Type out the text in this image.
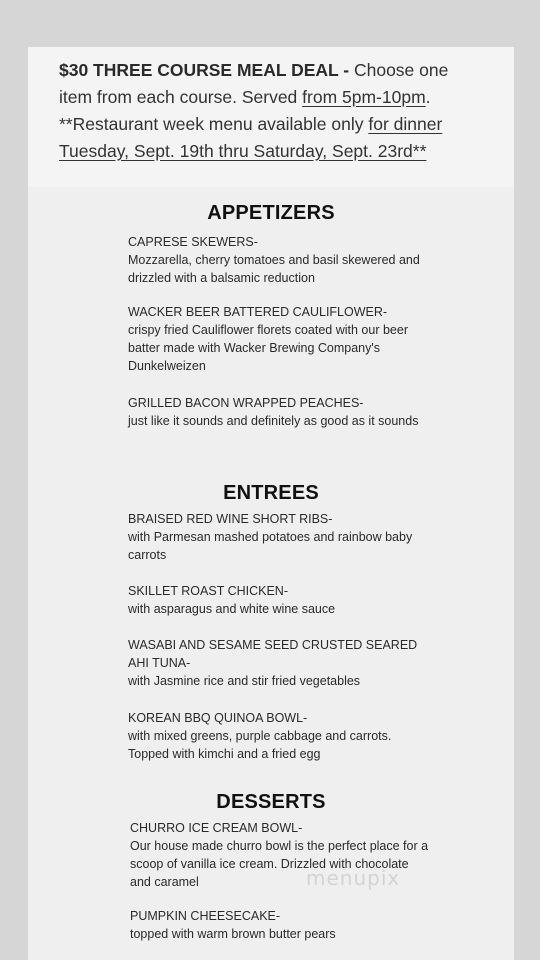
$30 THREE COURSE MEAL DEAL - Choose one
item from each course. Served from 5pm-10pm.
**Restaurant week menu available only for dinner
Tuesday, Sept. 19th thru Saturday, Sept. 23rd**
APPETIZERS
CAPRESE SKEWERS-
Mozzarella, cherry tomatoes and basil skewered and drizzled with a balsamic reduction
WACKER BEER BATTERED CAULIFLOWER-
crispy fried Cauliflower florets coated with our beer batter made with Wacker Brewing Company's Dunkelweizen
GRILLED BACON WRAPPED PEACHES-
just like it sounds and definitely as good as it sounds
ENTREES
BRAISED RED WINE SHORT RIBS-
with Parmesan mashed potatoes and rainbow baby carrots
SKILLET ROAST CHICKEN-
with asparagus and white wine sauce
WASABI AND SESAME SEED CRUSTED SEARED AHI TUNA-
with Jasmine rice and stir fried vegetables
KOREAN BBQ QUINOA BOWL-
with mixed greens, purple cabbage and carrots. Topped with kimchi and a fried egg
DESSERTS
CHURRO ICE CREAM BOWL-
Our house made churro bowl is the perfect place for a scoop of vanilla ice cream. Drizzled with chocolate and caramel
PUMPKIN CHEESECAKE-
topped with warm brown butter pears
menupix
